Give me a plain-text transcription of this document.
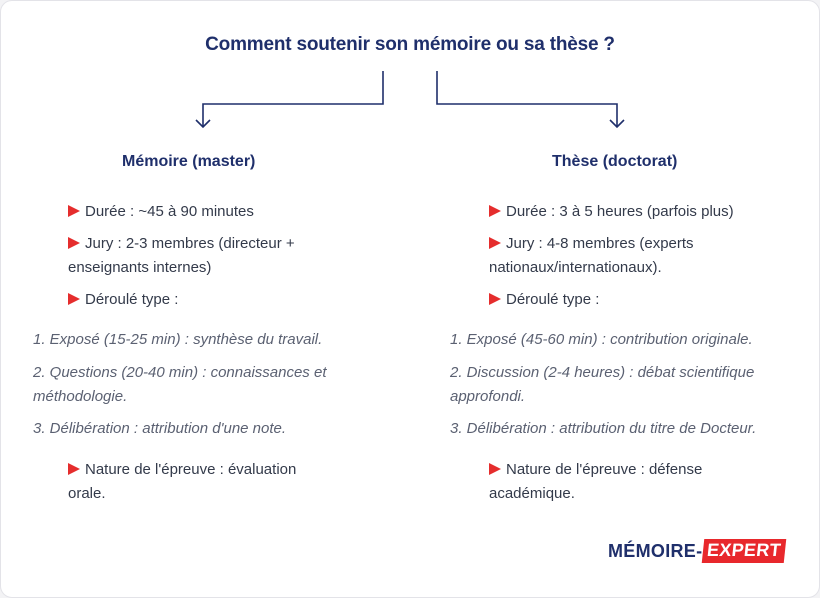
Comment soutenir son mémoire ou sa thèse ?
Mémoire (master)
Durée : ~45 à 90 minutes
Jury : 2-3 membres (directeur + enseignants internes)
Déroulé type :
1. Exposé (15-25 min) : synthèse du travail.
2. Questions (20-40 min) : connaissances et méthodologie.
3. Délibération : attribution d'une note.
Nature de l'épreuve : évaluation orale.
Thèse (doctorat)
Durée : 3 à 5 heures (parfois plus)
Jury : 4-8 membres (experts nationaux/internationaux).
Déroulé type :
1. Exposé (45-60 min) : contribution originale.
2. Discussion (2-4 heures) : débat scientifique approfondi.
3. Délibération : attribution du titre de Docteur.
Nature de l'épreuve : défense académique.
MÉMOIRE - EXPERT
